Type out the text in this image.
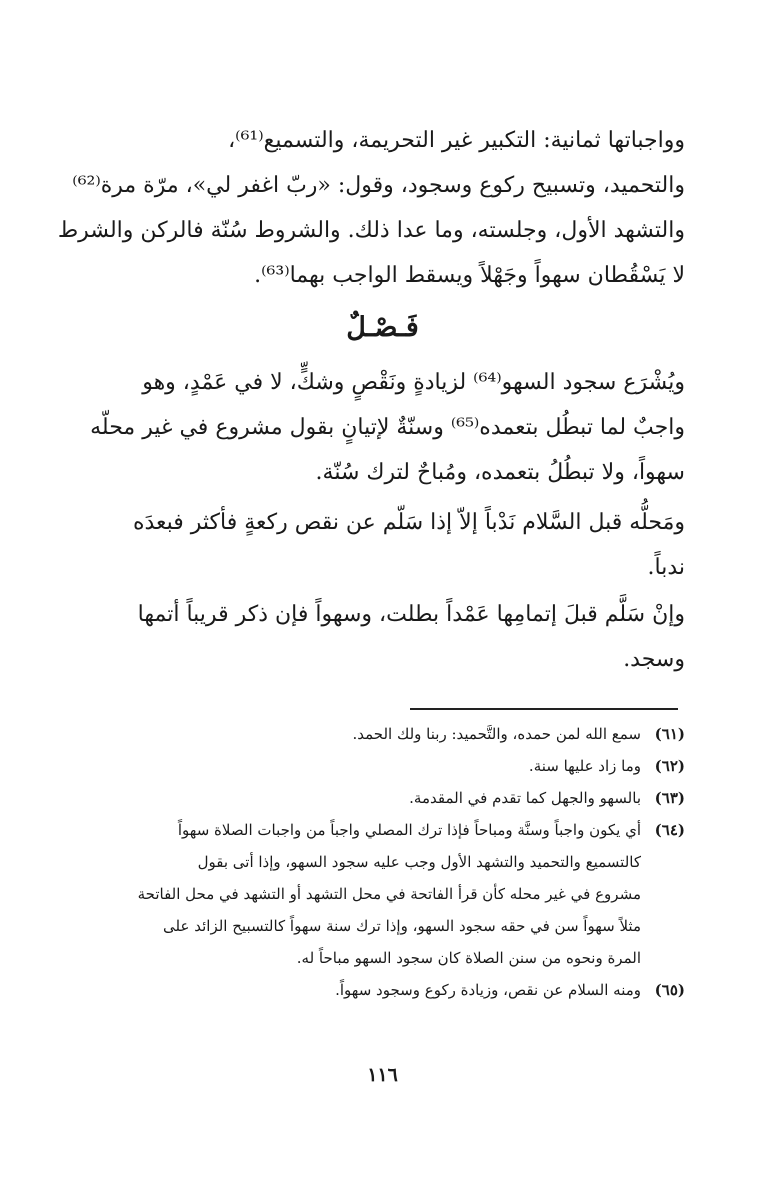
وواجباتها ثمانية: التكبير غير التحريمة، والتسميع⁽⁶¹⁾،
والتحميد، وتسبيح ركوع وسجود، وقول: «ربّ اغفر لي»، مرّة مرة⁽⁶²⁾
والتشهد الأول، وجلسته، وما عدا ذلك. والشروط سُنّة فالركن والشرط
لا يَسْقُطان سهواً وجَهْلاً ويسقط الواجب بهما⁽⁶³⁾.
فَـصْـلٌ
ويُشْرَع سجود السهو⁽⁶⁴⁾ لزيادةٍ ونَقْصٍ وشكٍّ، لا في عَمْدٍ، وهو
واجبٌ لما تبطُل بتعمده⁽⁶⁵⁾ وسنّةٌ لإتيانٍ بقول مشروع في غير محلّه
سهواً، ولا تبطُلُ بتعمده، ومُباحٌ لترك سُنّة.
ومَحلُّه قبل السَّلام نَدْباً إلاّ إذا سَلّم عن نقص ركعةٍ فأكثر فبعدَه
ندباً.
وإنْ سَلَّم قبلَ إتمامِها عَمْداً بطلت، وسهواً فإن ذكر قريباً أتمها
وسجد.
(٦١)
سمع الله لمن حمده، والتَّحميد: ربنا ولك الحمد.
(٦٢)
وما زاد عليها سنة.
(٦٣)
بالسهو والجهل كما تقدم في المقدمة.
(٦٤)
أي يكون واجباً وسنَّة ومباحاً فإذا ترك المصلي واجباً من واجبات الصلاة سهواً
كالتسميع والتحميد والتشهد الأول وجب عليه سجود السهو، وإذا أتى بقول
مشروع في غير محله كأن قرأ الفاتحة في محل التشهد أو التشهد في محل الفاتحة
مثلاً سهواً سن في حقه سجود السهو، وإذا ترك سنة سهواً كالتسبيح الزائد على
المرة ونحوه من سنن الصلاة كان سجود السهو مباحاً له.
(٦٥)
ومنه السلام عن نقص، وزيادة ركوع وسجود سهواً.
١١٦
